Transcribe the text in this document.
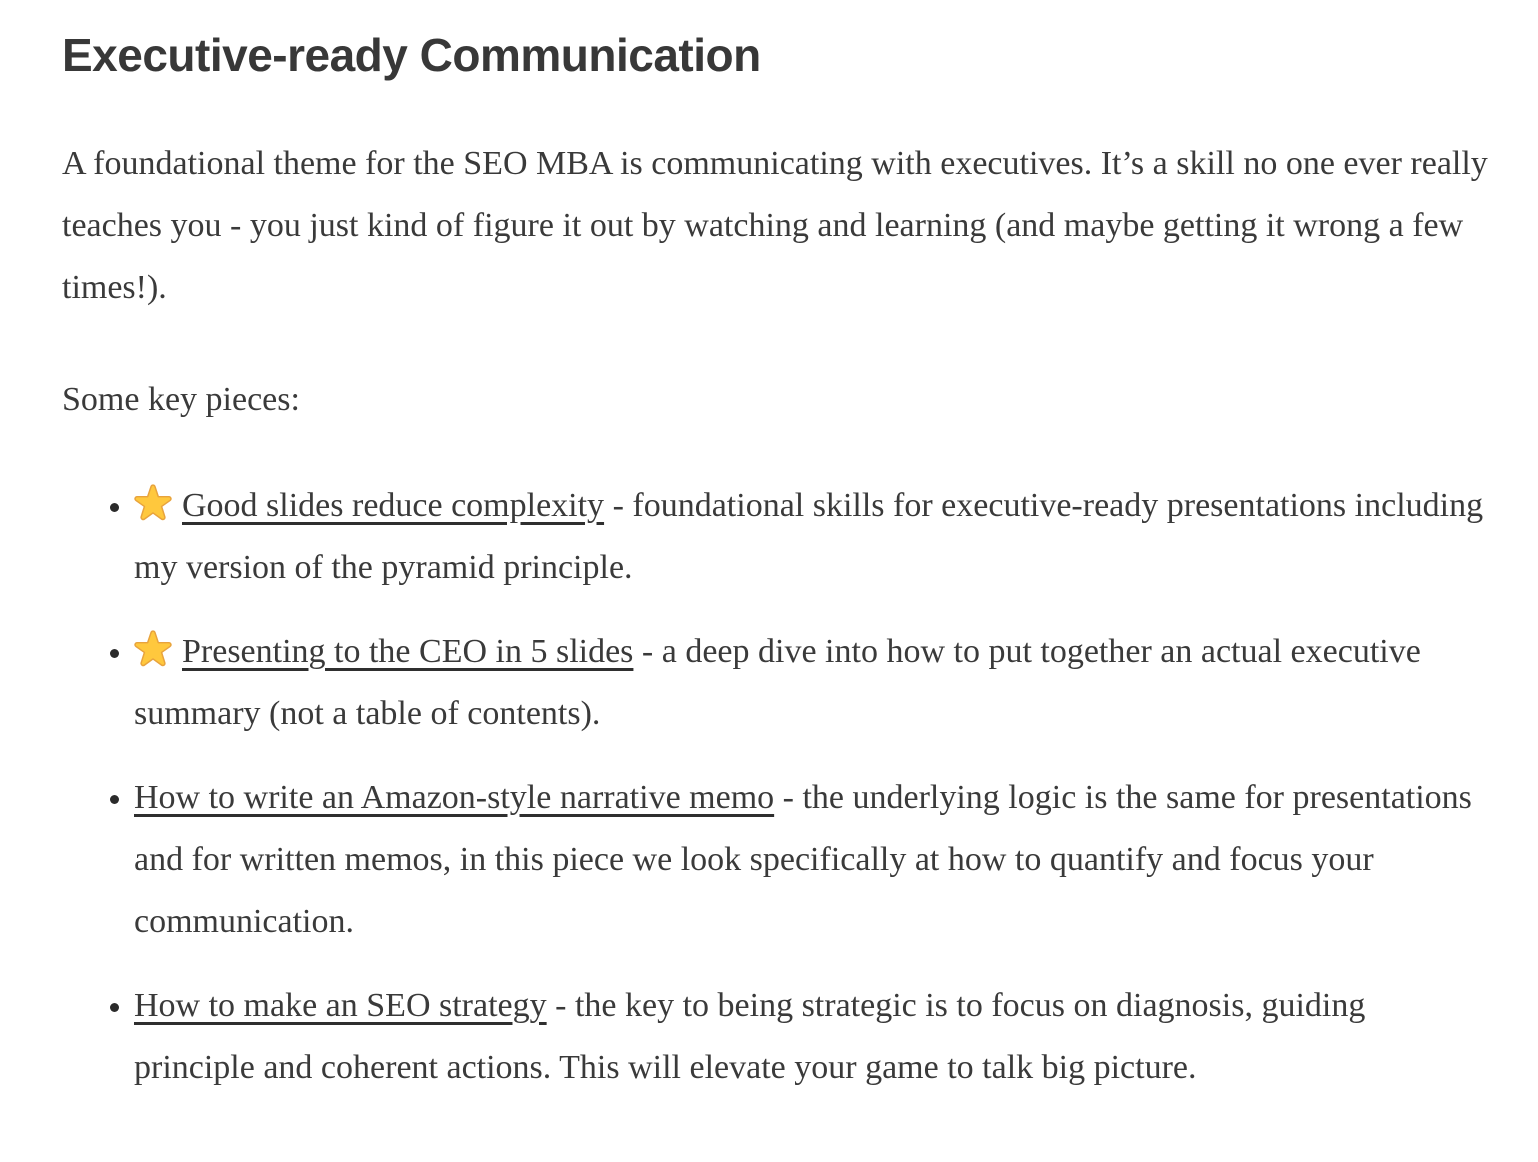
Executive-ready Communication

A foundational theme for the SEO MBA is communicating with executives. It’s a skill no one ever really teaches you - you just kind of figure it out by watching and learning (and maybe getting it wrong a few times!).

Some key pieces:

• Good slides reduce complexity - foundational skills for executive-ready presentations including my version of the pyramid principle.
• Presenting to the CEO in 5 slides - a deep dive into how to put together an actual executive summary (not a table of contents).
• How to write an Amazon-style narrative memo - the underlying logic is the same for presentations and for written memos, in this piece we look specifically at how to quantify and focus your communication.
• How to make an SEO strategy - the key to being strategic is to focus on diagnosis, guiding principle and coherent actions. This will elevate your game to talk big picture.
